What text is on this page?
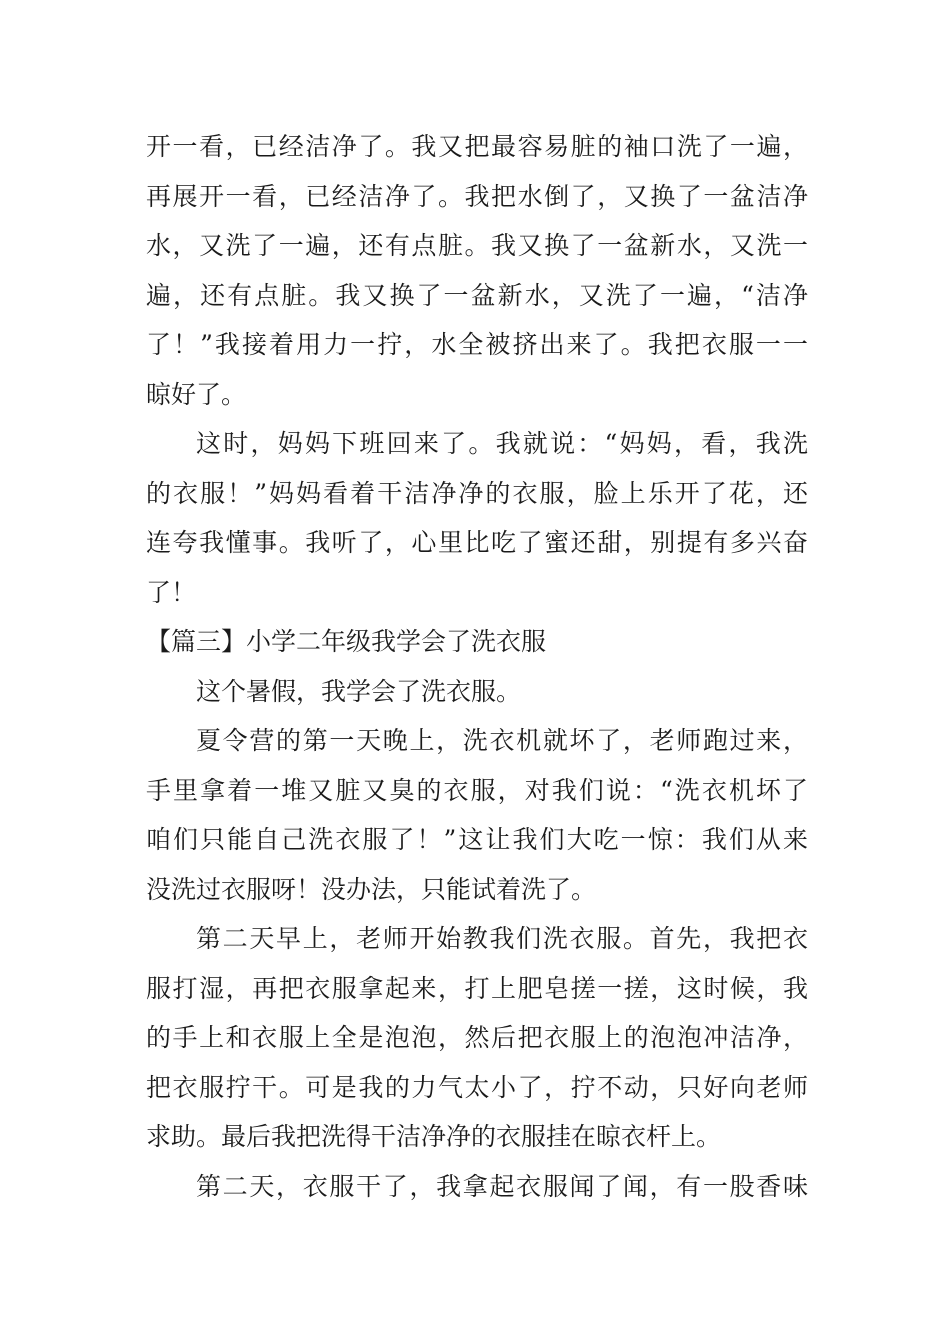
开一看，已经洁净了。我又把最容易脏的袖口洗了一遍，
再展开一看，已经洁净了。我把水倒了，又换了一盆洁净
水，又洗了一遍，还有点脏。我又换了一盆新水，又洗一
遍，还有点脏。我又换了一盆新水，又洗了一遍，“洁净
了！”我接着用力一拧，水全被挤出来了。我把衣服一一
晾好了。
这时，妈妈下班回来了。我就说：“妈妈，看，我洗
的衣服！”妈妈看着干洁净净的衣服，脸上乐开了花，还
连夸我懂事。我听了，心里比吃了蜜还甜，别提有多兴奋
了！
【篇三】小学二年级我学会了洗衣服
这个暑假，我学会了洗衣服。
夏令营的第一天晚上，洗衣机就坏了，老师跑过来，
手里拿着一堆又脏又臭的衣服，对我们说：“洗衣机坏了
咱们只能自己洗衣服了！”这让我们大吃一惊：我们从来
没洗过衣服呀！没办法，只能试着洗了。
第二天早上，老师开始教我们洗衣服。首先，我把衣
服打湿，再把衣服拿起来，打上肥皂搓一搓，这时候，我
的手上和衣服上全是泡泡，然后把衣服上的泡泡冲洁净，
把衣服拧干。可是我的力气太小了，拧不动，只好向老师
求助。最后我把洗得干洁净净的衣服挂在晾衣杆上。
第二天，衣服干了，我拿起衣服闻了闻，有一股香味
